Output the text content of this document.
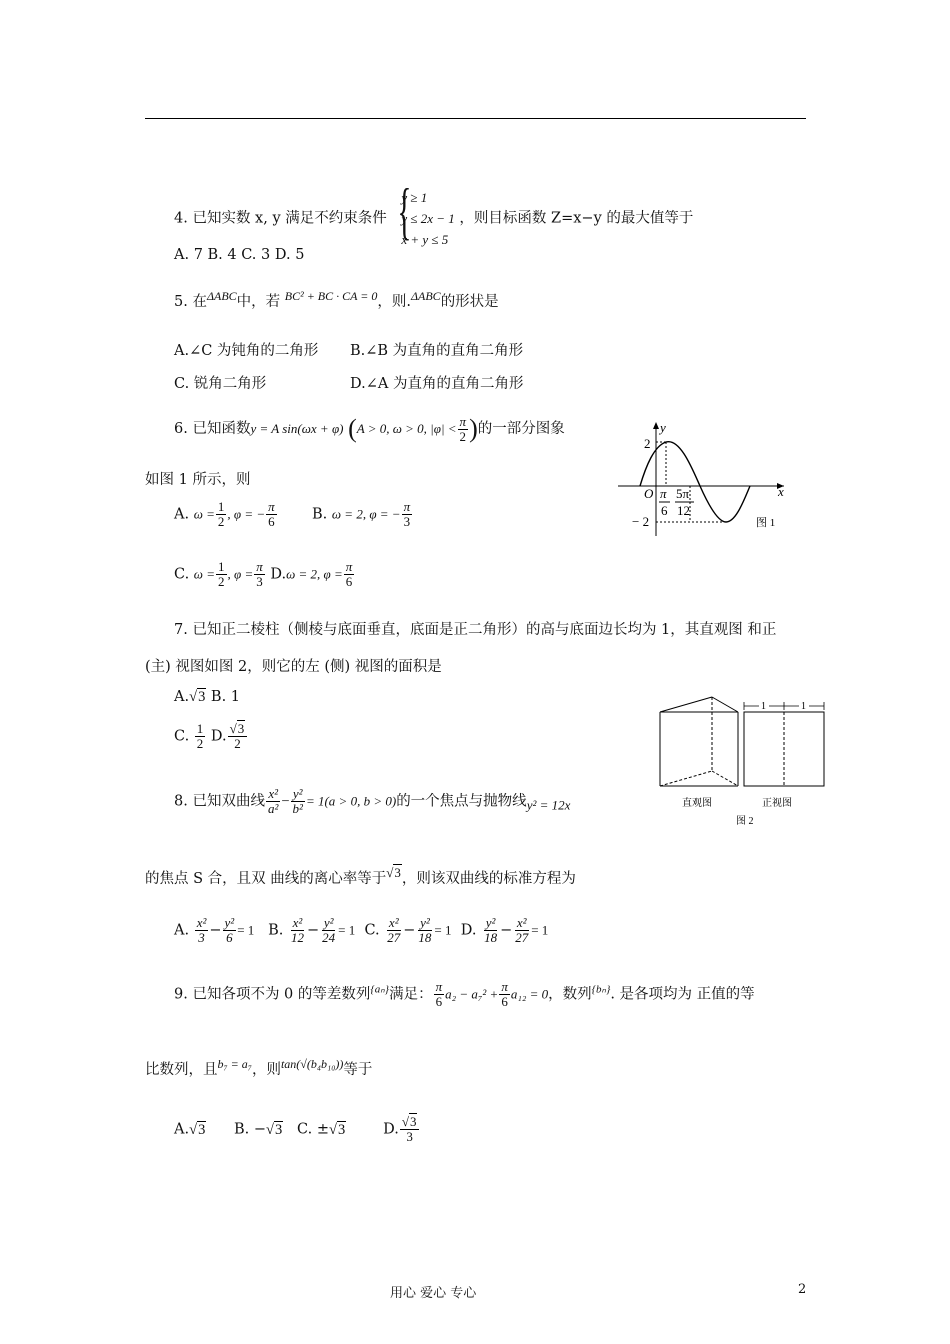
4. 已知实数 x, y 满足不约束条件
{ y ≥ 1
y ≤ 2x − 1
x + y ≤ 5
，则目标函数 Z=x−y 的最大值等于
A. 7 B. 4 C. 3 D. 5
5. 在$^{\Delta ABC}$中，若 $^{BC^2 + BC \cdot CA = 0}$，则.$^{\Delta ABC}$的形状是
A.∠C 为钝角的二角形 B.∠B 为直角的直角二角形
C. 锐角二角形	D.∠A 为直角的直角二角形
6. 已知函数y = A sin(ωx + φ) (A > 0, ω > 0, $|\varphi| < \frac{\pi}{2}$ )的一部分图象
如图 1 所示，则
A. $\omega = \frac{1}{2}$ , φ = − $\frac{\pi}{6} B$. ω = 2, φ = − $\frac{\pi}{3}$
C. $\omega = \frac{1}{2}$ , $\varphi = \frac{\pi}{3} D.\omega = 2$, $\varphi = \frac{\pi}{6}$
y
x
2
− 2
O π
6
5π
12
图 1
7. 已知正二棱柱（侧棱与底面垂直，底面是正二角形）的高与底面边长均为 1，其直观图 和正
(主) 视图如图 2，则它的左 (侧) 视图的面积是
A.√3 B. 1
C. $\frac{1}{2} D$. $\frac{√3}{2}$
1	1
直观图	正视图
图 2
8. 已知双曲线 $\frac{\text{x²}}{\text{a²}} - \frac{\text{y²}}{\text{b²}} = 1(a > 0$, b > 0)的一个焦点与抛物线y² = 12x
的焦点 S 合，且双 曲线的离心率等于√3，则该双曲线的标准方程为
A. $\frac{\text{x²}}{3} - \frac{\text{y²}}{6} = 1$ B. $\frac{\text{x²}}{12} - \frac{\text{y²}}{24} = 1$ C. $\frac{\text{x²}}{27} - \frac{\text{y²}}{18} = 1$ D. $\frac{\text{y²}}{18} - \frac{\text{x²}}{27} = 1$
9. 已知各项不为 0 的等差数列$^{\{a_n\}}$满足： $\frac{\pi}{6} a_2 - a_7^2 + \frac{\pi}{6} a_{12} = 0$，数列$^{\{b_n\}}$. 是各项均为 正值的等
比数列，且$^{b_7 = a_7}$，则$^{tan(√(b_4b_{10}))}$等于
A.√3 B. −√3 C. ±√3	D. $\frac{√3}{3}$
用心 爱心 专心	2
